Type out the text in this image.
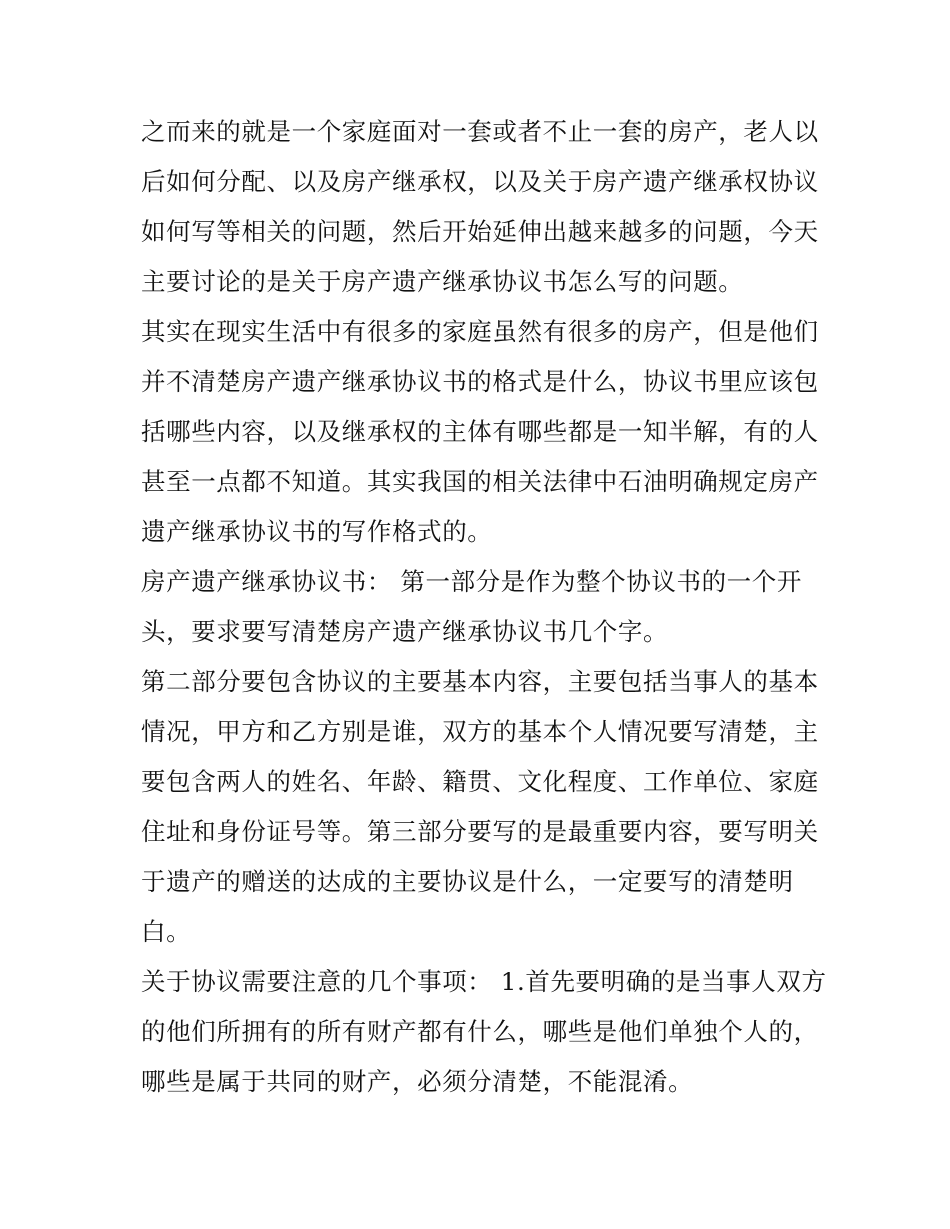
之而来的就是一个家庭面对一套或者不止一套的房产，老人以
后如何分配、以及房产继承权，以及关于房产遗产继承权协议
如何写等相关的问题，然后开始延伸出越来越多的问题，今天
主要讨论的是关于房产遗产继承协议书怎么写的问题。
其实在现实生活中有很多的家庭虽然有很多的房产，但是他们
并不清楚房产遗产继承协议书的格式是什么，协议书里应该包
括哪些内容，以及继承权的主体有哪些都是一知半解，有的人
甚至一点都不知道。其实我国的相关法律中石油明确规定房产
遗产继承协议书的写作格式的。
房产遗产继承协议书： 第一部分是作为整个协议书的一个开
头，要求要写清楚房产遗产继承协议书几个字。
第二部分要包含协议的主要基本内容，主要包括当事人的基本
情况，甲方和乙方别是谁，双方的基本个人情况要写清楚，主
要包含两人的姓名、年龄、籍贯、文化程度、工作单位、家庭
住址和身份证号等。第三部分要写的是最重要内容，要写明关
于遗产的赠送的达成的主要协议是什么，一定要写的清楚明
白。
关于协议需要注意的几个事项： 1.首先要明确的是当事人双方
的他们所拥有的所有财产都有什么，哪些是他们单独个人的，
哪些是属于共同的财产，必须分清楚，不能混淆。
